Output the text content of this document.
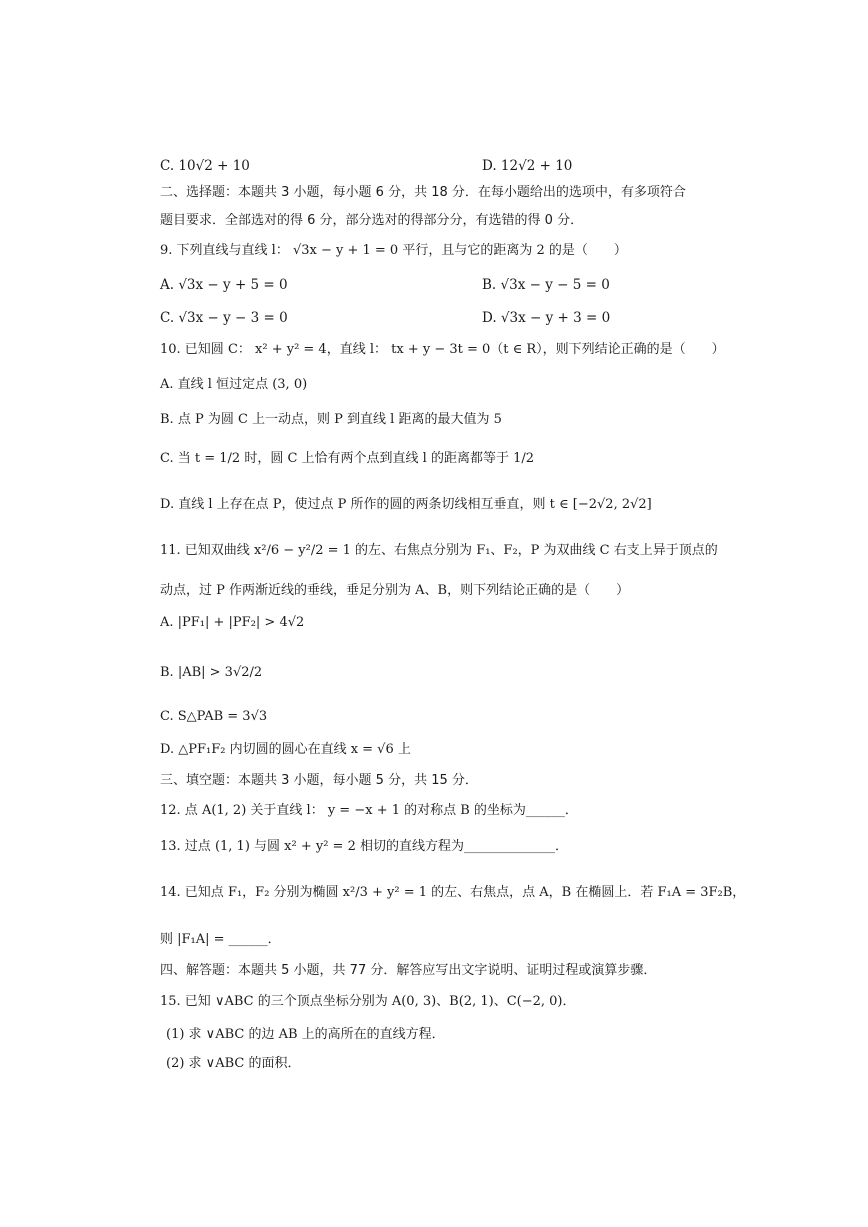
C. 10√2 + 10	D. 12√2 + 10
二、选择题：本题共 3 小题，每小题 6 分，共 18 分．在每小题给出的选项中，有多项符合
题目要求．全部选对的得 6 分，部分选对的得部分分，有选错的得 0 分．
9. 下列直线与直线 l： √3x − y + 1 = 0 平行，且与它的距离为 2 的是（　　）
A. √3x − y + 5 = 0	B. √3x − y − 5 = 0
C. √3x − y − 3 = 0	D. √3x − y + 3 = 0
10. 已知圆 C： x² + y² = 4，直线 l： tx + y − 3t = 0（t ∈ R），则下列结论正确的是（　　）
A. 直线 l 恒过定点 (3, 0)
B. 点 P 为圆 C 上一动点，则 P 到直线 l 距离的最大值为 5
C. 当 t = 1/2 时，圆 C 上恰有两个点到直线 l 的距离都等于 1/2
D. 直线 l 上存在点 P，使过点 P 所作的圆的两条切线相互垂直，则 t ∈ [−2√2, 2√2]
11. 已知双曲线 x²/6 − y²/2 = 1 的左、右焦点分别为 F₁、F₂，P 为双曲线 C 右支上异于顶点的
动点，过 P 作两渐近线的垂线，垂足分别为 A、B，则下列结论正确的是（　　）
A. |PF₁| + |PF₂| > 4√2
B. |AB| > 3√2/2
C. S△PAB = 3√3
D. △PF₁F₂ 内切圆的圆心在直线 x = √6 上
三、填空题：本题共 3 小题，每小题 5 分，共 15 分．
12. 点 A(1, 2) 关于直线 l： y = −x + 1 的对称点 B 的坐标为______．
13. 过点 (1, 1) 与圆 x² + y² = 2 相切的直线方程为______________．
14. 已知点 F₁，F₂ 分别为椭圆 x²/3 + y² = 1 的左、右焦点，点 A，B 在椭圆上．若 F₁A = 3F₂B，
则 |F₁A| = ______．
四、解答题：本题共 5 小题，共 77 分．解答应写出文字说明、证明过程或演算步骤．
15. 已知 ∨ABC 的三个顶点坐标分别为 A(0, 3)、B(2, 1)、C(−2, 0)．
(1) 求 ∨ABC 的边 AB 上的高所在的直线方程．
(2) 求 ∨ABC 的面积．
